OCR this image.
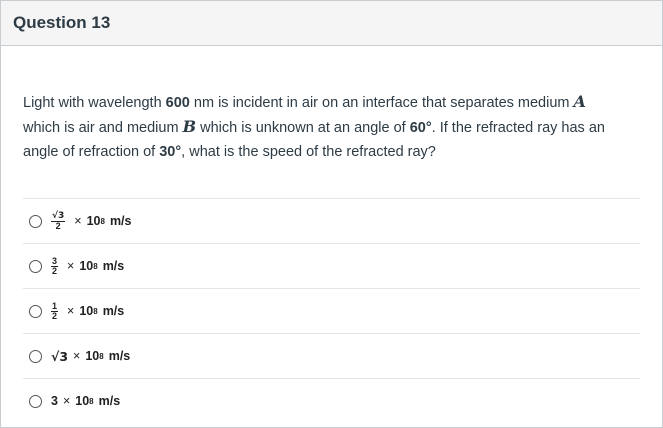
Question 13

Light with wavelength 600 nm is incident in air on an interface that separates medium A
which is air and medium B which is unknown at an angle of 60°. If the refracted ray has an angle of refraction of 30°, what is the speed of the refracted ray?

$\frac{√3}{2} \times 10$ 8 m/s
$\frac{3}{2} \times 10$ 8 m/s
$\frac{1}{2} \times 10$ 8 m/s
√3 × 10 8 m/s
3 × 10 8 m/s
